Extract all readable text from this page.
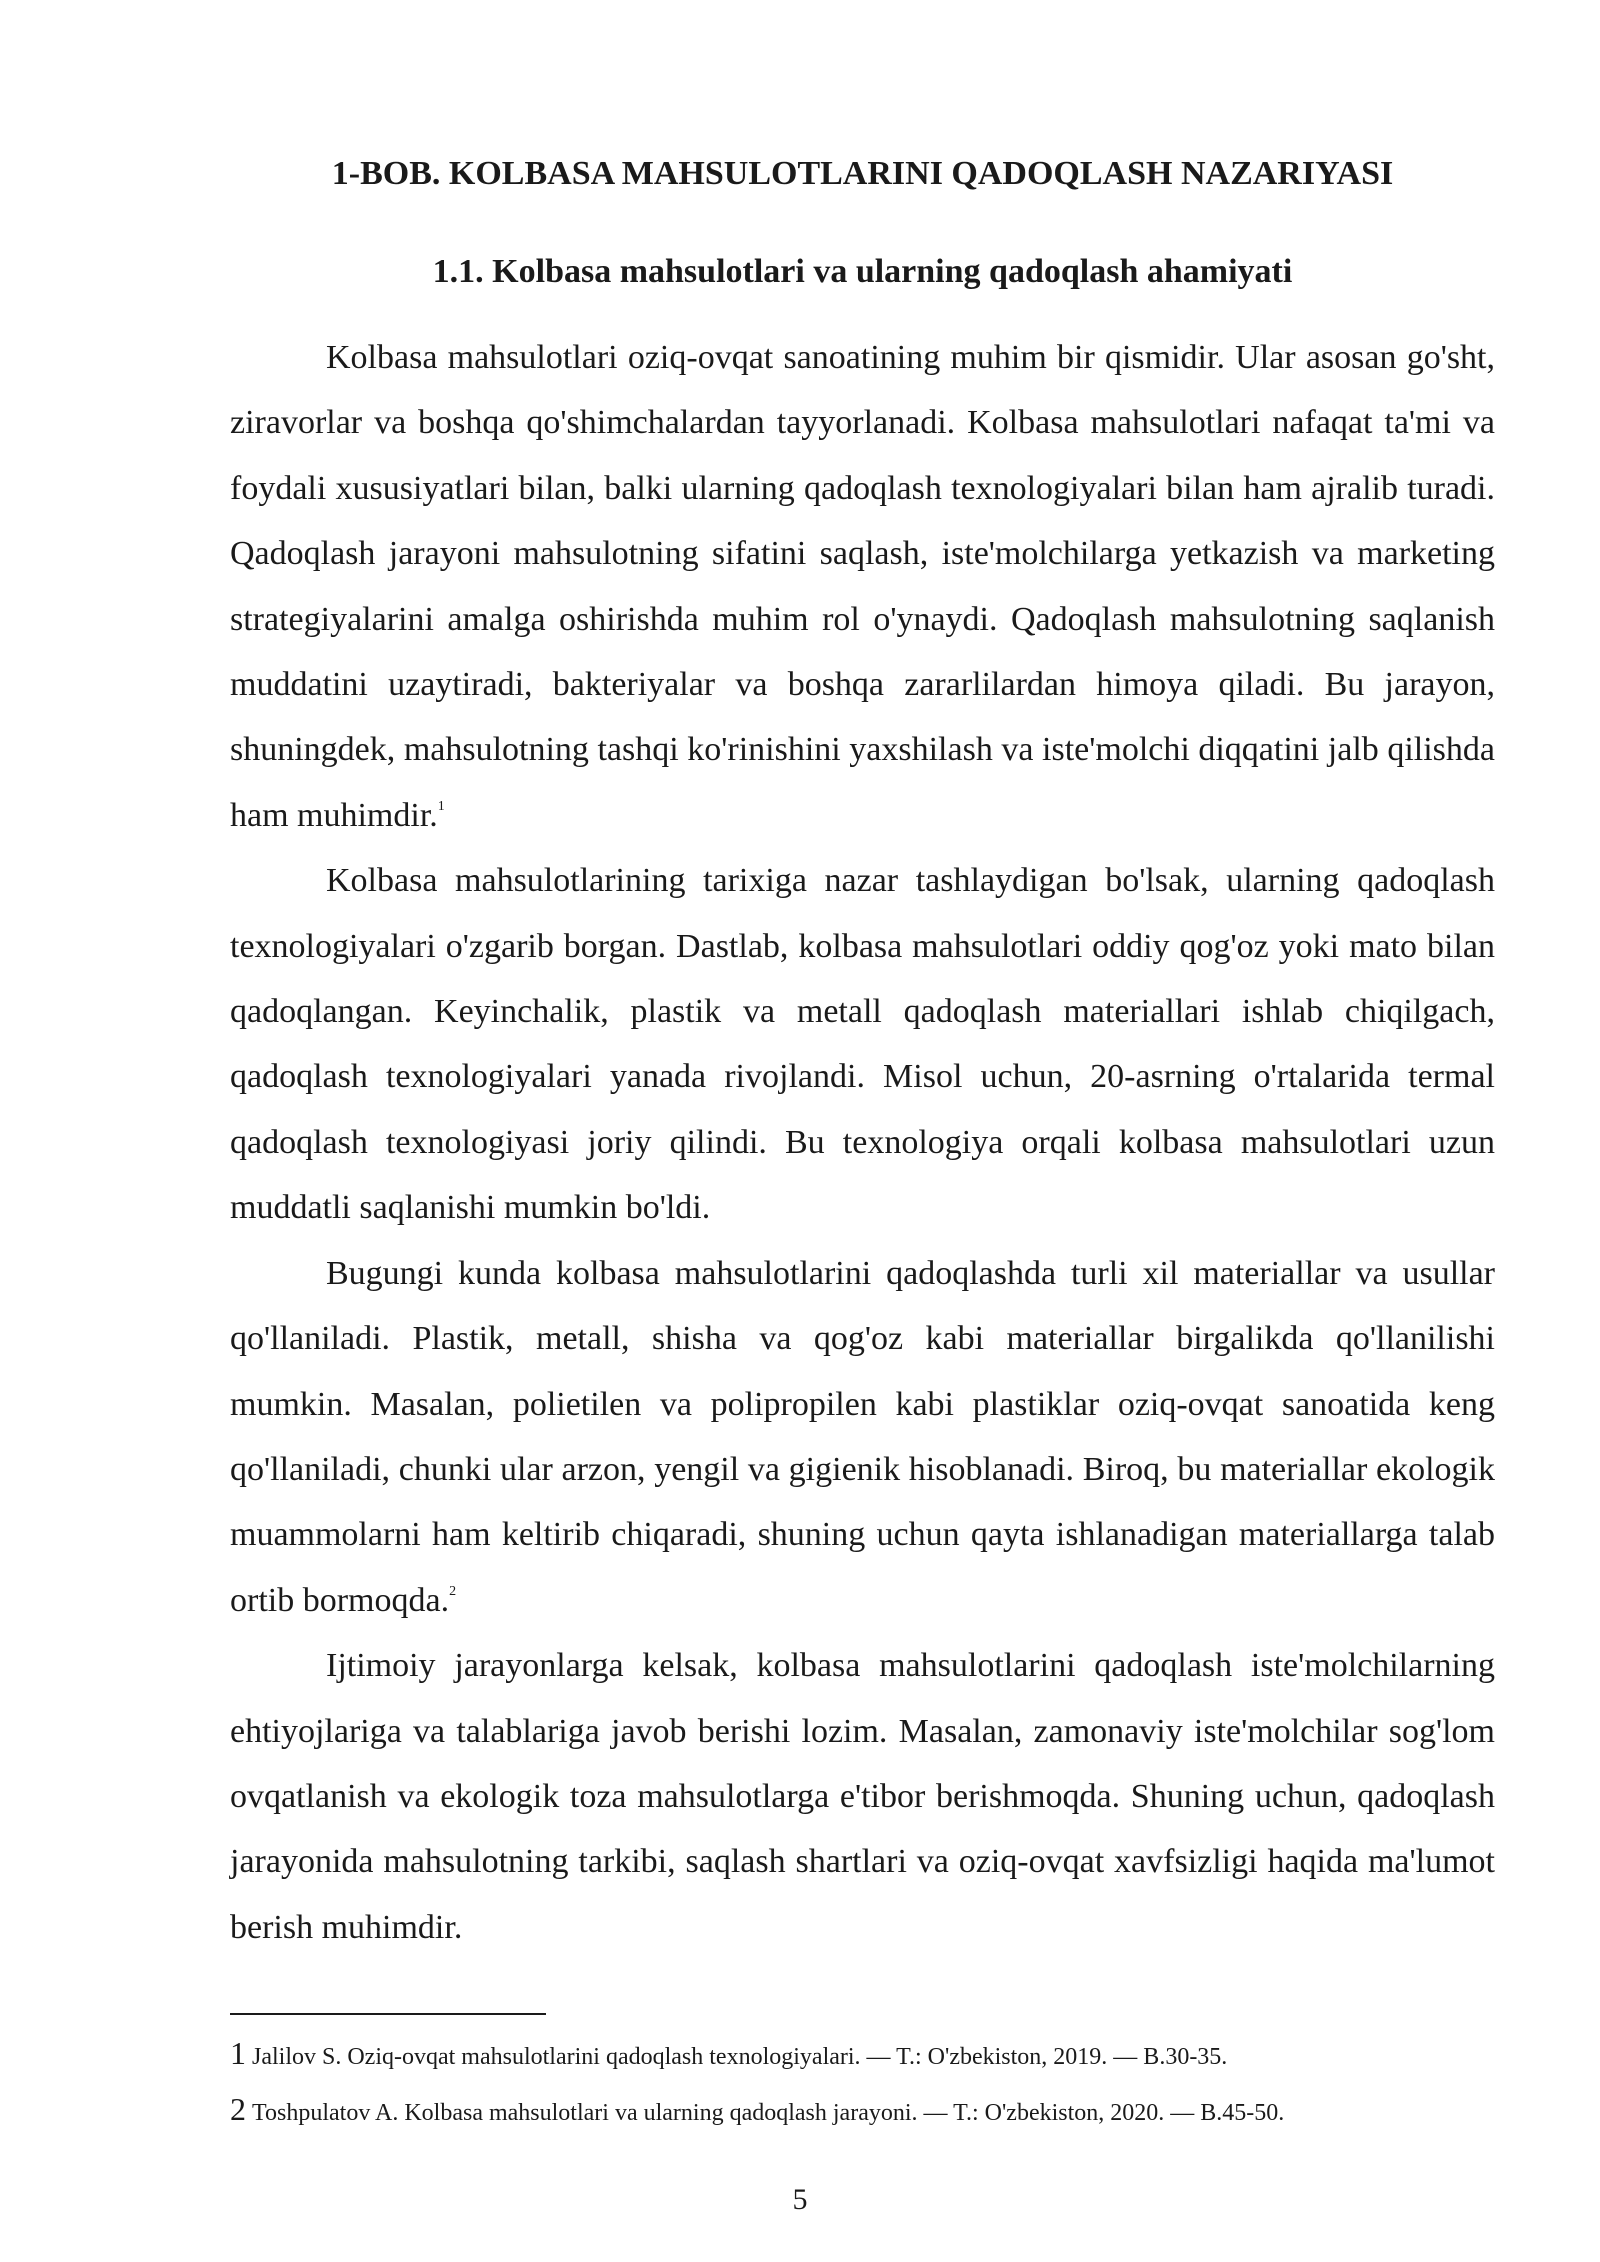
1-BOB. KOLBASA MAHSULOTLARINI QADOQLASH NAZARIYASI
1.1. Kolbasa mahsulotlari va ularning qadoqlash ahamiyati

Kolbasa mahsulotlari oziq-ovqat sanoatining muhim bir qismidir. Ular asosan go'sht, ziravorlar va boshqa qo'shimchalardan tayyorlanadi. Kolbasa mahsulotlari nafaqat ta'mi va foydali xususiyatlari bilan, balki ularning qadoqlash texnologiyalari bilan ham ajralib turadi. Qadoqlash jarayoni mahsulotning sifatini saqlash, iste'molchilarga yetkazish va marketing strategiyalarini amalga oshirishda muhim rol o'ynaydi. Qadoqlash mahsulotning saqlanish muddatini uzaytiradi, bakteriyalar va boshqa zararlilardan himoya qiladi. Bu jarayon, shuningdek, mahsulotning tashqi ko'rinishini yaxshilash va iste'molchi diqqatini jalb qilishda ham muhimdir.$^1$

Kolbasa mahsulotlarining tarixiga nazar tashlaydigan bo'lsak, ularning qadoqlash texnologiyalari o'zgarib borgan. Dastlab, kolbasa mahsulotlari oddiy qog'oz yoki mato bilan qadoqlangan. Keyinchalik, plastik va metall qadoqlash materiallari ishlab chiqilgach, qadoqlash texnologiyalari yanada rivojlandi. Misol uchun, 20-asrning o'rtalarida termal qadoqlash texnologiyasi joriy qilindi. Bu texnologiya orqali kolbasa mahsulotlari uzun muddatli saqlanishi mumkin bo'ldi.

Bugungi kunda kolbasa mahsulotlarini qadoqlashda turli xil materiallar va usullar qo'llaniladi. Plastik, metall, shisha va qog'oz kabi materiallar birgalikda qo'llanilishi mumkin. Masalan, polietilen va polipropilen kabi plastiklar oziq-ovqat sanoatida keng qo'llaniladi, chunki ular arzon, yengil va gigienik hisoblanadi. Biroq, bu materiallar ekologik muammolarni ham keltirib chiqaradi, shuning uchun qayta ishlanadigan materiallarga talab ortib bormoqda.$^2$

Ijtimoiy jarayonlarga kelsak, kolbasa mahsulotlarini qadoqlash iste'molchilarning ehtiyojlariga va talablariga javob berishi lozim. Masalan, zamonaviy iste'molchilar sog'lom ovqatlanish va ekologik toza mahsulotlarga e'tibor berishmoqda. Shuning uchun, qadoqlash jarayonida mahsulotning tarkibi, saqlash shartlari va oziq-ovqat xavfsizligi haqida ma'lumot berish muhimdir.

1 Jalilov S. Oziq-ovqat mahsulotlarini qadoqlash texnologiyalari. — T.: O'zbekiston, 2019. — B.30-35.

2 Toshpulatov A. Kolbasa mahsulotlari va ularning qadoqlash jarayoni. — T.: O'zbekiston, 2020. — B.45-50.

5
